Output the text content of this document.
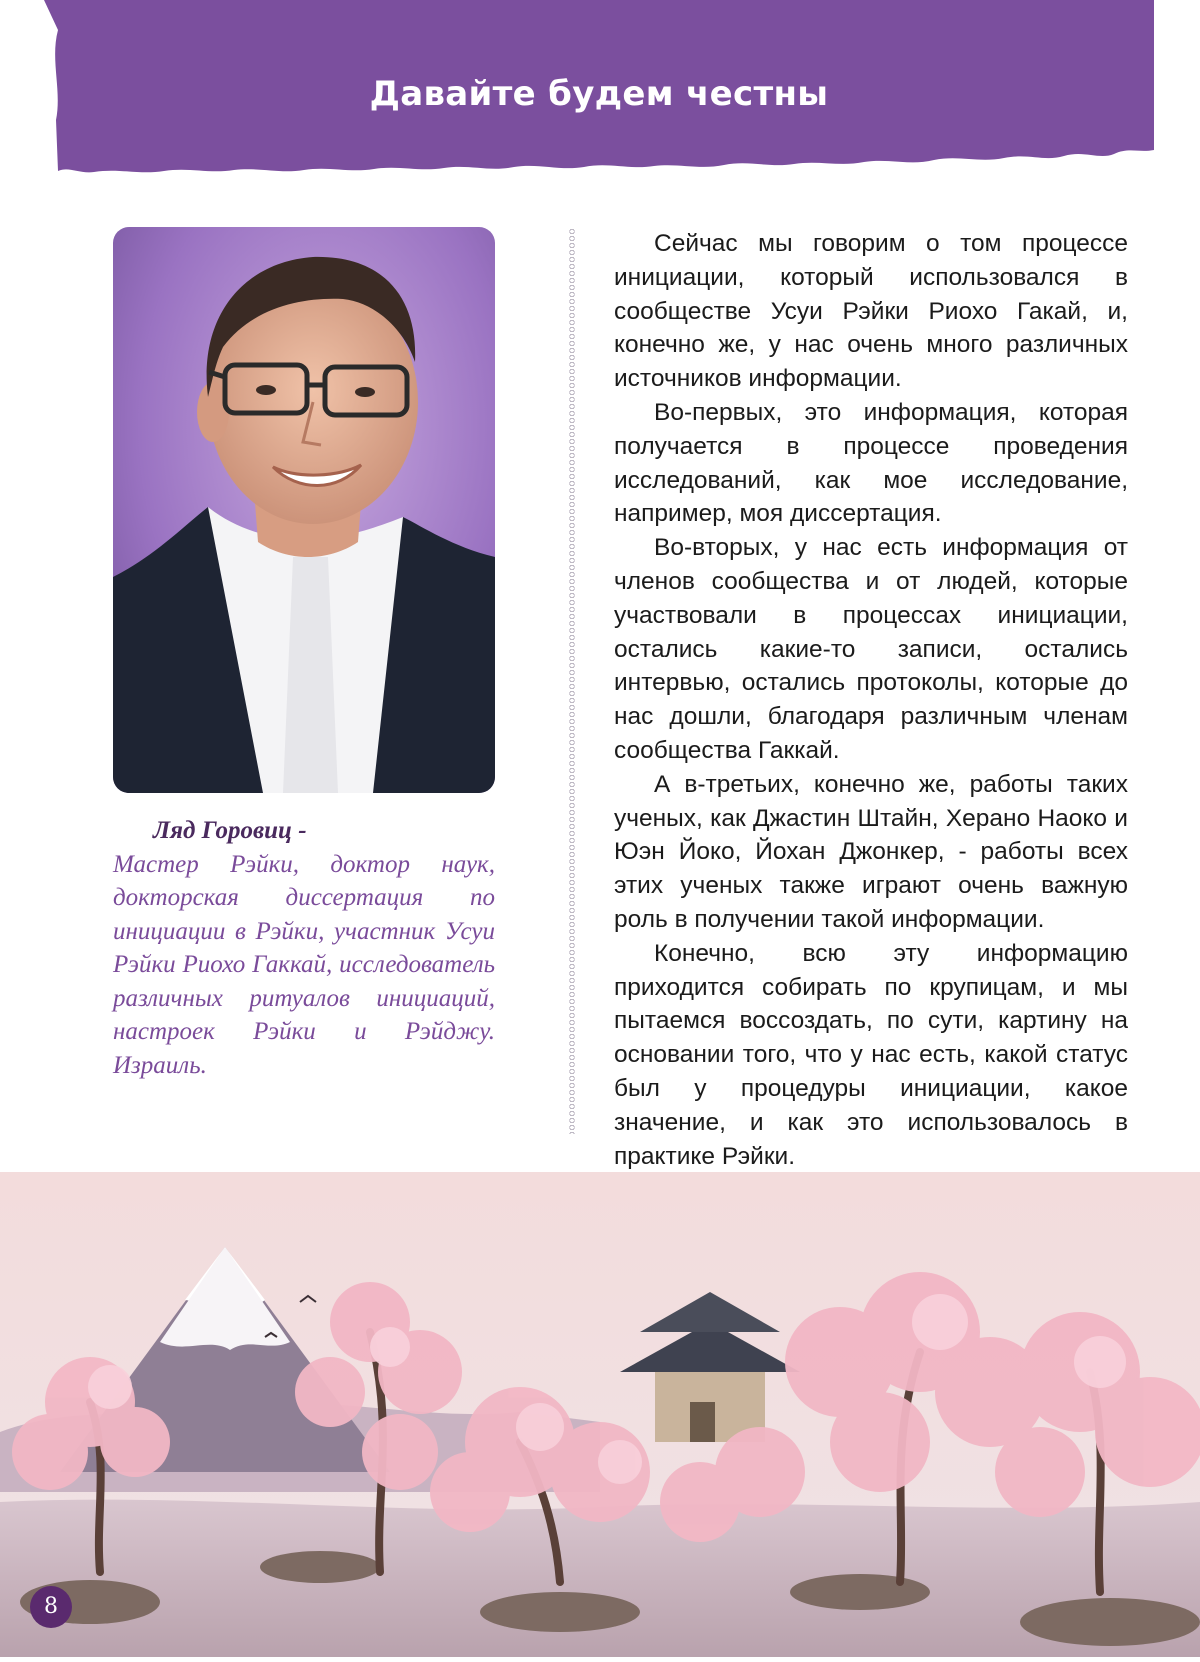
Давайте будем честны
Ляд Горовиц -
Мастер Рэйки, доктор наук, докторская диссертация по инициации в Рэйки, участник Усуи Рэйки Риохо Гаккай, исследователь различных ритуалов инициаций, настроек Рэйки и Рэйджу. Израиль.

Сейчас мы говорим о том процессе инициации, который использовался в сообществе Усуи Рэйки Риохо Гакай, и, конечно же, у нас очень много различных источников информации.

Во-первых, это информация, которая получается в процессе проведения исследований, как мое исследование, например, моя диссертация.

Во-вторых, у нас есть информация от членов сообщества и от людей, которые участвовали в процессах инициации, остались какие-то записи, остались интервью, остались протоколы, которые до нас дошли, благодаря различным членам сообщества Гаккай.

А в-третьих, конечно же, работы таких ученых, как Джастин Штайн, Херано Наоко и Юэн Йоко, Йохан Джонкер, - работы всех этих ученых также играют очень важную роль в получении такой информации.

Конечно, всю эту информацию приходится собирать по крупицам, и мы пытаемся воссоздать, по сути, картину на основании того, что у нас есть, какой статус был у процедуры инициации, какое значение, и как это использовалось в практике Рэйки.

8
